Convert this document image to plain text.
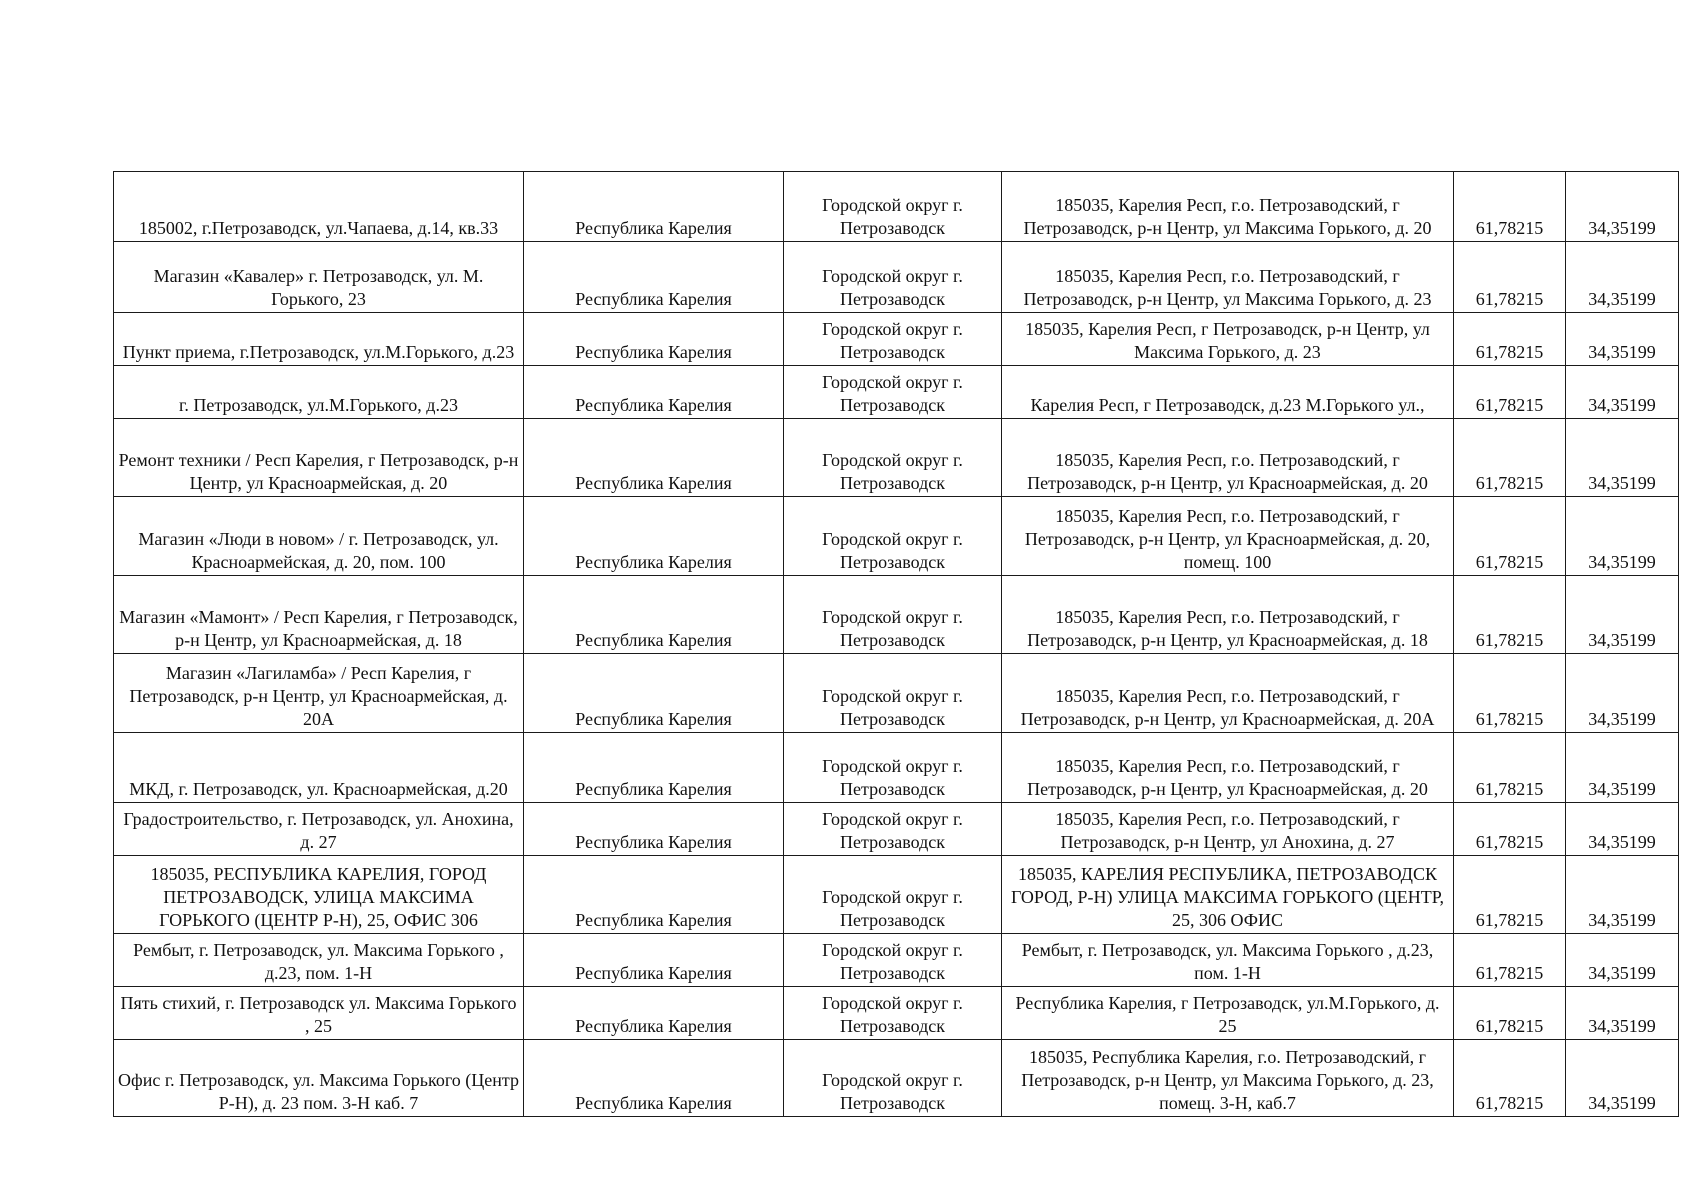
185002, г.Петрозаводск, ул.Чапаева, д.14, кв.33	Республика Карелия	Городской округ г. Петрозаводск	185035, Карелия Респ, г.о. Петрозаводский, г Петрозаводск, р-н Центр, ул Максима Горького, д. 20	61,78215	34,35199
Магазин «Кавалер» г. Петрозаводск, ул. М. Горького, 23	Республика Карелия	Городской округ г. Петрозаводск	185035, Карелия Респ, г.о. Петрозаводский, г Петрозаводск, р-н Центр, ул Максима Горького, д. 23	61,78215	34,35199
Пункт приема, г.Петрозаводск, ул.М.Горького, д.23	Республика Карелия	Городской округ г. Петрозаводск	185035, Карелия Респ, г Петрозаводск, р-н Центр, ул Максима Горького, д. 23	61,78215	34,35199
г. Петрозаводск, ул.М.Горького, д.23	Республика Карелия	Городской округ г. Петрозаводск	Карелия Респ, г Петрозаводск, д.23 М.Горького ул.,	61,78215	34,35199
Ремонт техники / Респ Карелия, г Петрозаводск, р-н Центр, ул Красноармейская, д. 20	Республика Карелия	Городской округ г. Петрозаводск	185035, Карелия Респ, г.о. Петрозаводский, г Петрозаводск, р-н Центр, ул Красноармейская, д. 20	61,78215	34,35199
Магазин «Люди в новом» / г. Петрозаводск, ул. Красноармейская, д. 20, пом. 100	Республика Карелия	Городской округ г. Петрозаводск	185035, Карелия Респ, г.о. Петрозаводский, г Петрозаводск, р-н Центр, ул Красноармейская, д. 20, помещ. 100	61,78215	34,35199
Магазин «Мамонт» / Респ Карелия, г Петрозаводск, р-н Центр, ул Красноармейская, д. 18	Республика Карелия	Городской округ г. Петрозаводск	185035, Карелия Респ, г.о. Петрозаводский, г Петрозаводск, р-н Центр, ул Красноармейская, д. 18	61,78215	34,35199
Магазин «Лагиламба» / Респ Карелия, г Петрозаводск, р-н Центр, ул Красноармейская, д. 20А	Республика Карелия	Городской округ г. Петрозаводск	185035, Карелия Респ, г.о. Петрозаводский, г Петрозаводск, р-н Центр, ул Красноармейская, д. 20А	61,78215	34,35199
МКД, г. Петрозаводск, ул. Красноармейская, д.20	Республика Карелия	Городской округ г. Петрозаводск	185035, Карелия Респ, г.о. Петрозаводский, г Петрозаводск, р-н Центр, ул Красноармейская, д. 20	61,78215	34,35199
Градостроительство, г. Петрозаводск, ул. Анохина, д. 27	Республика Карелия	Городской округ г. Петрозаводск	185035, Карелия Респ, г.о. Петрозаводский, г Петрозаводск, р-н Центр, ул Анохина, д. 27	61,78215	34,35199
185035, РЕСПУБЛИКА КАРЕЛИЯ, ГОРОД ПЕТРОЗАВОДСК, УЛИЦА МАКСИМА ГОРЬКОГО (ЦЕНТР Р-Н), 25, ОФИС 306	Республика Карелия	Городской округ г. Петрозаводск	185035, КАРЕЛИЯ РЕСПУБЛИКА, ПЕТРОЗАВОДСК ГОРОД, Р-Н) УЛИЦА МАКСИМА ГОРЬКОГО (ЦЕНТР, 25, 306 ОФИС	61,78215	34,35199
Рембыт, г. Петрозаводск, ул. Максима Горького , д.23, пом. 1-Н	Республика Карелия	Городской округ г. Петрозаводск	Рембыт, г. Петрозаводск, ул. Максима Горького , д.23, пом. 1-Н	61,78215	34,35199
Пять стихий, г. Петрозаводск ул. Максима Горького , 25	Республика Карелия	Городской округ г. Петрозаводск	Республика Карелия, г Петрозаводск, ул.М.Горького, д. 25	61,78215	34,35199
Офис г. Петрозаводск, ул. Максима Горького (Центр Р-Н), д. 23 пом. 3-Н каб. 7	Республика Карелия	Городской округ г. Петрозаводск	185035, Республика Карелия, г.о. Петрозаводский, г Петрозаводск, р-н Центр, ул Максима Горького, д. 23, помещ. 3-Н, каб.7	61,78215	34,35199
